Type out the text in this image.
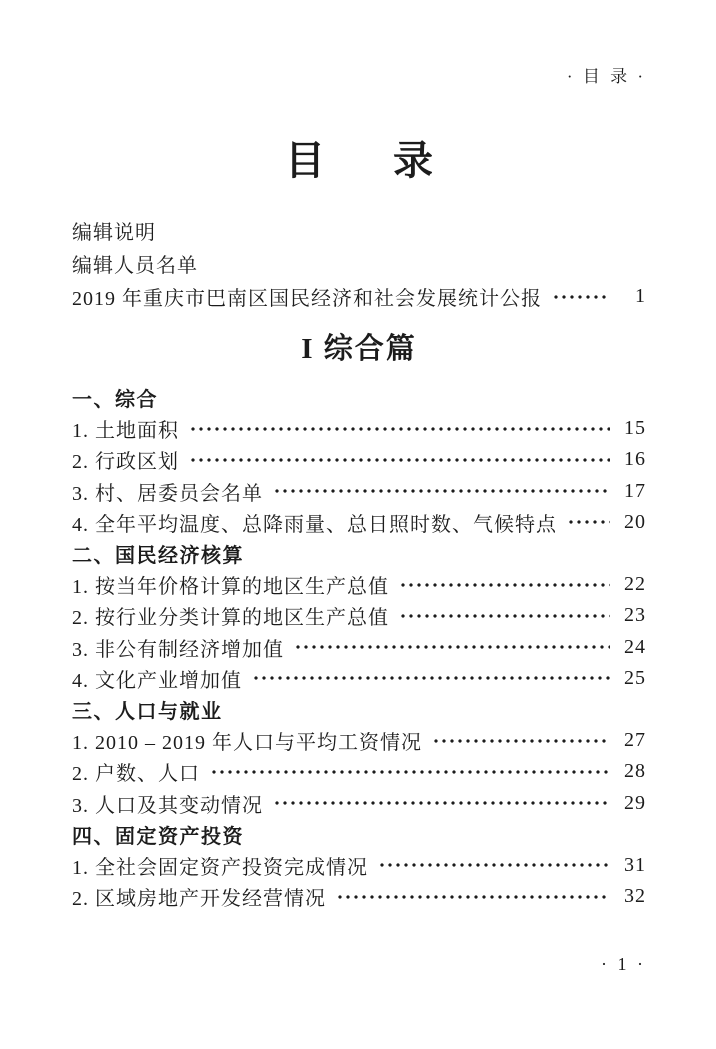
· 目 录 ·
目　录
编辑说明
编辑人员名单
2019 年重庆市巴南区国民经济和社会发展统计公报	1
I 综合篇
一、综合
1. 土地面积	15
2. 行政区划	16
3. 村、居委员会名单	17
4. 全年平均温度、总降雨量、总日照时数、气候特点	20
二、国民经济核算
1. 按当年价格计算的地区生产总值	22
2. 按行业分类计算的地区生产总值	23
3. 非公有制经济增加值	24
4. 文化产业增加值	25
三、人口与就业
1. 2010 – 2019 年人口与平均工资情况	27
2. 户数、人口	28
3. 人口及其变动情况	29
四、固定资产投资
1. 全社会固定资产投资完成情况	31
2. 区域房地产开发经营情况	32
· 1 ·
